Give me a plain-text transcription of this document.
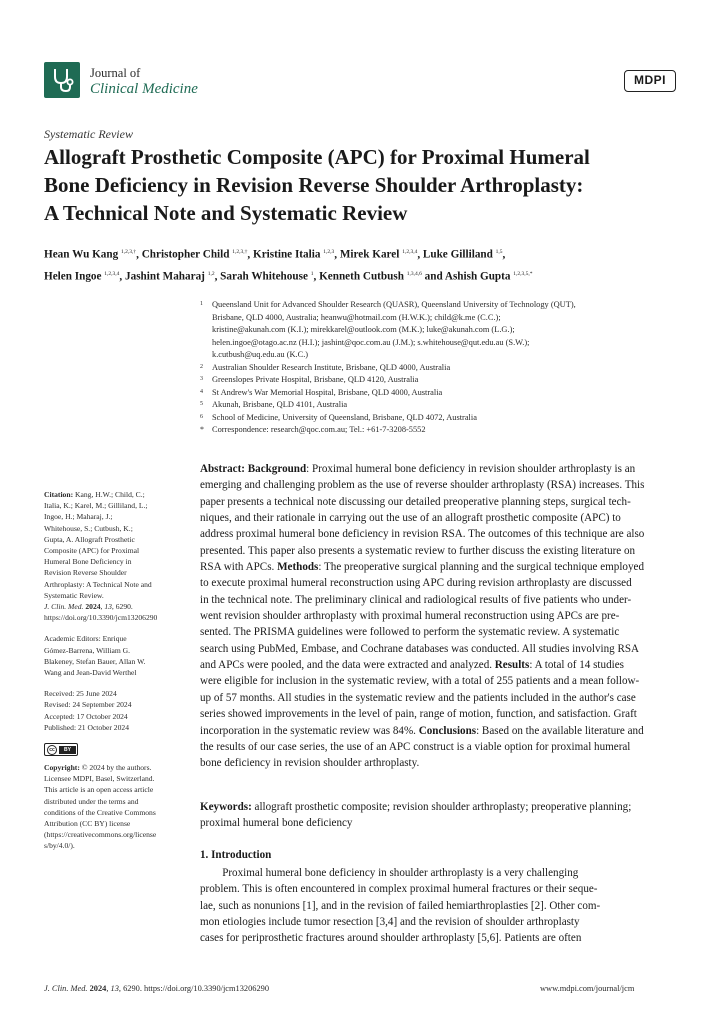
Journal of
Clinical Medicine
MDPI
Systematic Review
Allograft Prosthetic Composite (APC) for Proximal Humeral
Bone Deficiency in Revision Reverse Shoulder Arthroplasty:
A Technical Note and Systematic Review
Hean Wu Kang $^{1,2,3,\dagger}$, Christopher Child $^{1,2,3,\dagger}$, Kristine Italia $^{1,2,3}$, Mirek Karel $^{1,2,3,4}$, Luke Gilliland $^{1,5}$,
Helen Ingoe $^{1,2,3,4}$, Jashint Maharaj $^{1,2}$, Sarah Whitehouse $^1$, Kenneth Cutbush $^{1,3,4,6}$ and Ashish Gupta $^{1,2,3,5,*}$
1 Queensland Unit for Advanced Shoulder Research (QUASR), Queensland University of Technology (QUT),
Brisbane, QLD 4000, Australia; heanwu@hotmail.com (H.W.K.); child@k.me (C.C.);
kristine@akunah.com (K.I.); mirekkarel@outlook.com (M.K.); luke@akunah.com (L.G.);
helen.ingoe@otago.ac.nz (H.I.); jashint@qoc.com.au (J.M.); s.whitehouse@qut.edu.au (S.W.);
k.cutbush@uq.edu.au (K.C.)
2 Australian Shoulder Research Institute, Brisbane, QLD 4000, Australia
3 Greenslopes Private Hospital, Brisbane, QLD 4120, Australia
4 St Andrew's War Memorial Hospital, Brisbane, QLD 4000, Australia
5 Akunah, Brisbane, QLD 4101, Australia
6 School of Medicine, University of Queensland, Brisbane, QLD 4072, Australia
* Correspondence: research@qoc.com.au; Tel.: +61-7-3208-5552
Abstract: Background: Proximal humeral bone deficiency in revision shoulder arthroplasty is an
emerging and challenging problem as the use of reverse shoulder arthroplasty (RSA) increases. This
paper presents a technical note discussing our detailed preoperative planning steps, surgical tech-
niques, and their rationale in carrying out the use of an allograft prosthetic composite (APC) to
address proximal humeral bone deficiency in revision RSA. The outcomes of this technique are also
presented. This paper also presents a systematic review to further discuss the existing literature on
RSA with APCs. Methods: The preoperative surgical planning and the surgical technique employed
to execute proximal humeral reconstruction using APC during revision arthroplasty are discussed
in the technical note. The preliminary clinical and radiological results of five patients who under-
went revision shoulder arthroplasty with proximal humeral reconstruction using APCs are pre-
sented. The PRISMA guidelines were followed to perform the systematic review. A systematic
search using PubMed, Embase, and Cochrane databases was conducted. All studies involving RSA
and APCs were pooled, and the data were extracted and analyzed. Results: A total of 14 studies
were eligible for inclusion in the systematic review, with a total of 255 patients and a mean follow-
up of 57 months. All studies in the systematic review and the patients included in the author's case
series showed improvements in the level of pain, range of motion, function, and satisfaction. Graft
incorporation in the systematic review was 84%. Conclusions: Based on the available literature and
the results of our case series, the use of an APC construct is a viable option for proximal humeral
bone deficiency in revision shoulder arthroplasty.
Keywords: allograft prosthetic composite; revision shoulder arthroplasty; preoperative planning;
proximal humeral bone deficiency
Citation: Kang, H.W.; Child, C.;
Italia, K.; Karel, M.; Gilliland, L.;
Ingoe, H.; Maharaj, J.;
Whitehouse, S.; Cutbush, K.;
Gupta, A. Allograft Prosthetic
Composite (APC) for Proximal
Humeral Bone Deficiency in
Revision Reverse Shoulder
Arthroplasty: A Technical Note and
Systematic Review.
J. Clin. Med. 2024, 13, 6290.
https://doi.org/10.3390/jcm13206290
Academic Editors: Enrique
Gómez-Barrena, William G.
Blakeney, Stefan Bauer, Allan W.
Wang and Jean-David Werthel
Received: 25 June 2024
Revised: 24 September 2024
Accepted: 17 October 2024
Published: 21 October 2024
cc	BY
Copyright: © 2024 by the authors.
Licensee MDPI, Basel, Switzerland.
This article is an open access article
distributed under the terms and
conditions of the Creative Commons
Attribution (CC BY) license
(https://creativecommons.org/license
s/by/4.0/).
1. Introduction
Proximal humeral bone deficiency in shoulder arthroplasty is a very challenging
problem. This is often encountered in complex proximal humeral fractures or their seque-
lae, such as nonunions [1], and in the revision of failed hemiarthroplasties [2]. Other com-
mon etiologies include tumor resection [3,4] and the revision of shoulder arthroplasty
cases for periprosthetic fractures around shoulder arthroplasty [5,6]. Patients are often
J. Clin. Med. 2024, 13, 6290. https://doi.org/10.3390/jcm13206290	www.mdpi.com/journal/jcm
